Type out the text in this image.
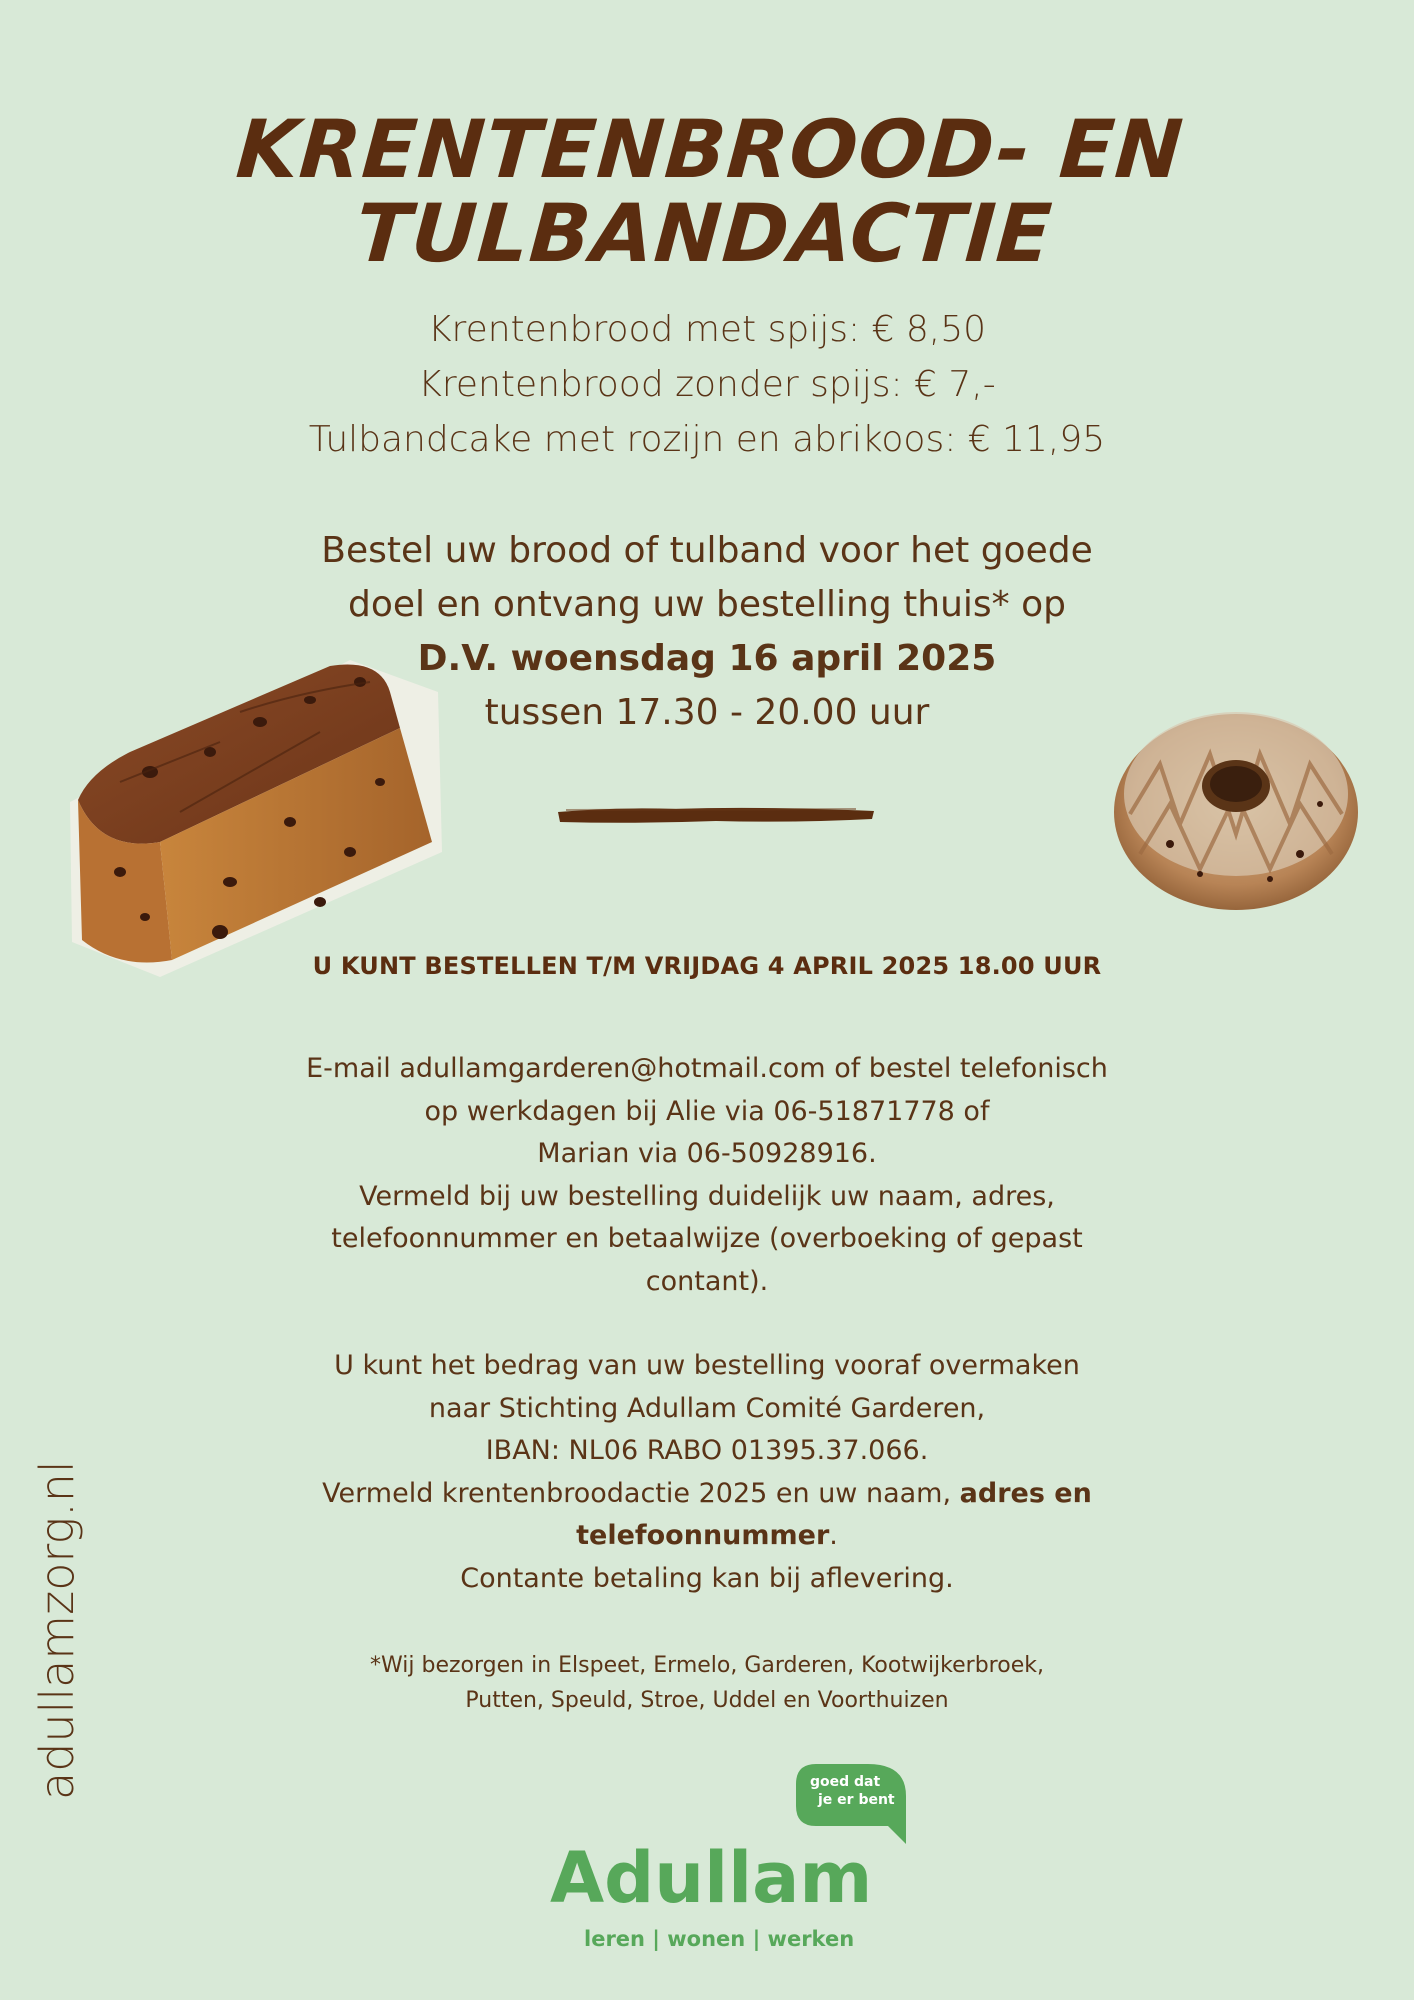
KRENTENBROOD- EN
TULBANDACTIE
Krentenbrood met spijs: € 8,50
Krentenbrood zonder spijs: € 7,-
Tulbandcake met rozijn en abrikoos: € 11,95
Bestel uw brood of tulband voor het goede
doel en ontvang uw bestelling thuis* op
D.V. woensdag 16 april 2025
tussen 17.30 - 20.00 uur
U KUNT BESTELLEN T/M VRIJDAG 4 APRIL 2025 18.00 UUR
E-mail adullamgarderen@hotmail.com of bestel telefonisch
op werkdagen bij Alie via 06-51871778 of
Marian via 06-50928916.
Vermeld bij uw bestelling duidelijk uw naam, adres,
telefoonnummer en betaalwijze (overboeking of gepast
contant).
U kunt het bedrag van uw bestelling vooraf overmaken
naar Stichting Adullam Comité Garderen,
IBAN: NL06 RABO 01395.37.066.
Vermeld krentenbroodactie 2025 en uw naam, adres en
telefoonnummer.
Contante betaling kan bij aflevering.
*Wij bezorgen in Elspeet, Ermelo, Garderen, Kootwijkerbroek,
Putten, Speuld, Stroe, Uddel en Voorthuizen
adullamzorg.nl	goed dat
je er bent
Adullam
leren | wonen | werken
